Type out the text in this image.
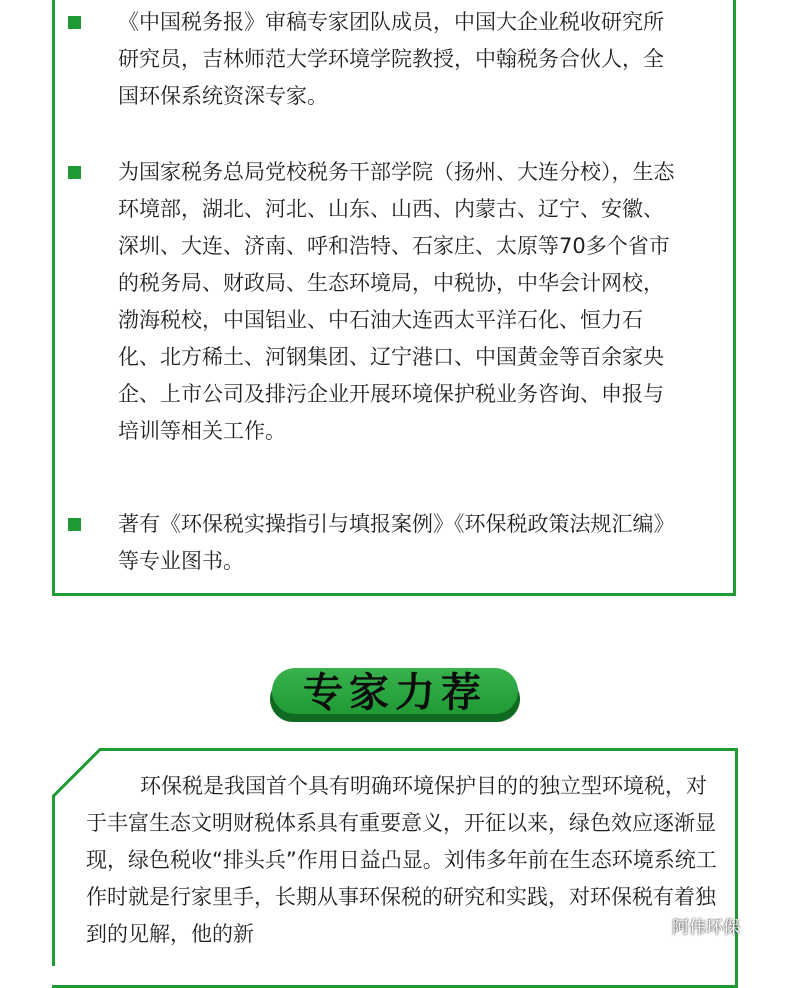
《中国税务报》审稿专家团队成员，中国大企业税收研究所研究员，吉林师范大学环境学院教授，中翰税务合伙人，全国环保系统资深专家。
为国家税务总局党校税务干部学院（扬州、大连分校），生态环境部，湖北、河北、山东、山西、内蒙古、辽宁、安徽、深圳、大连、济南、呼和浩特、石家庄、太原等70多个省市的税务局、财政局、生态环境局，中税协，中华会计网校，渤海税校，中国铝业、中石油大连西太平洋石化、恒力石化、北方稀土、河钢集团、辽宁港口、中国黄金等百余家央企、上市公司及排污企业开展环境保护税业务咨询、申报与培训等相关工作。
著有《环保税实操指引与填报案例》《环保税政策法规汇编》等专业图书。
专家力荐
环保税是我国首个具有明确环境保护目的的独立型环境税，对于丰富生态文明财税体系具有重要意义，开征以来，绿色效应逐渐显现，绿色税收“排头兵”作用日益凸显。刘伟多年前在生态环境系统工作时就是行家里手，长期从事环保税的研究和实践，对环保税有着独到的见解，他的新	阿伟环保
